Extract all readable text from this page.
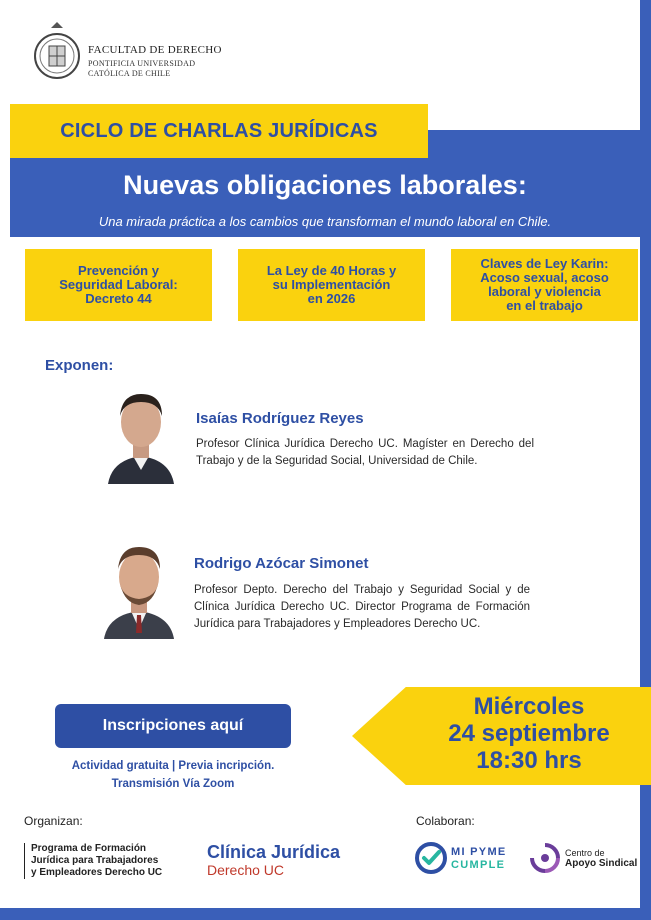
FACULTAD DE DERECHO
PONTIFICIA UNIVERSIDAD
CATÓLICA DE CHILE
CICLO DE CHARLAS JURÍDICAS
Nuevas obligaciones laborales:
Una mirada práctica a los cambios que transforman el mundo laboral en Chile.
Prevención y
Seguridad Laboral:
Decreto 44
La Ley de 40 Horas y
su Implementación
en 2026
Claves de Ley Karin:
Acoso sexual, acoso
laboral y violencia
en el trabajo
Exponen:
Isaías Rodríguez Reyes
Profesor Clínica Jurídica Derecho UC. Magíster en Derecho del Trabajo y de la Seguridad Social, Universidad de Chile.
Rodrigo Azócar Simonet
Profesor Depto. Derecho del Trabajo y Seguridad Social y de Clínica Jurídica Derecho UC. Director Programa de Formación Jurídica para Trabajadores y Empleadores Derecho UC.
Inscripciones aquí
Actividad gratuita | Previa incripción.
Transmisión Vía Zoom
Miércoles
24 septiembre
18:30 hrs
Organizan:
Programa de Formación
Jurídica para Trabajadores
y Empleadores Derecho UC
Clínica Jurídica
Derecho UC
Colaboran:
MI PYME
CUMPLE
Centro de
Apoyo Sindical
